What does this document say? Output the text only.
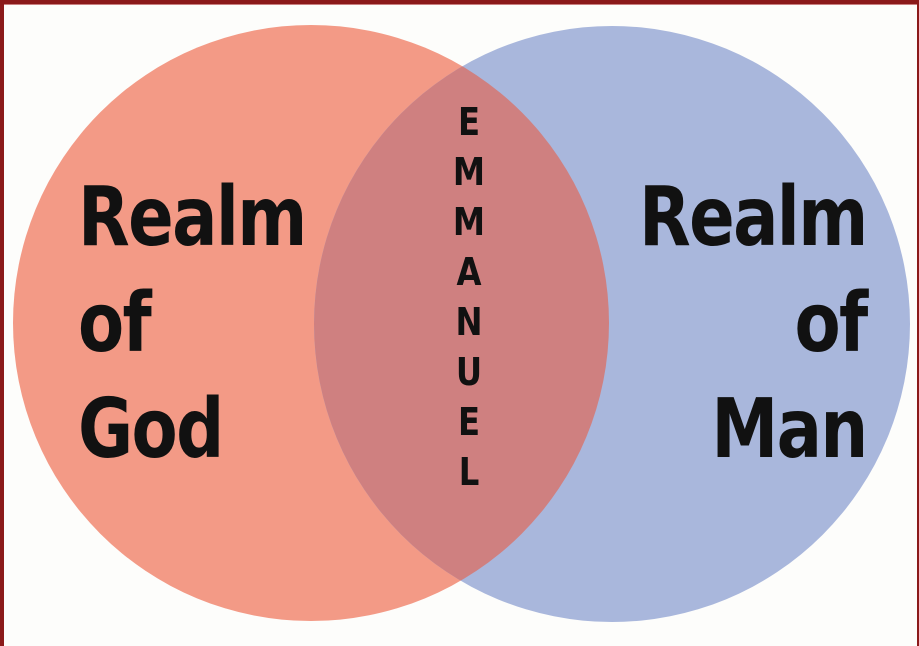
Realm
of
God
Realm
of
Man
E
M
M
A
N
U
E
L
